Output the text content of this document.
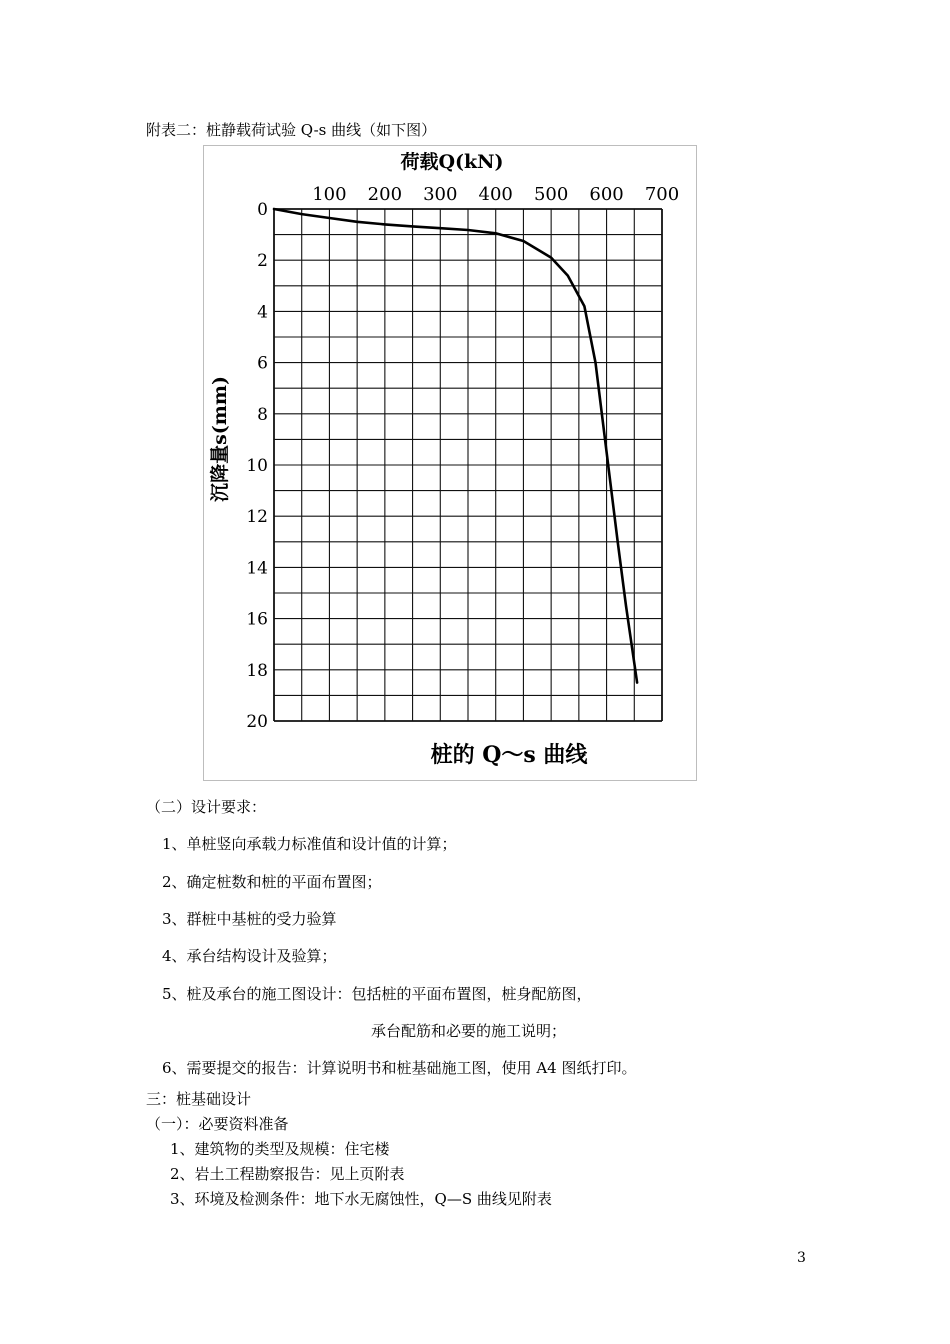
附表二：桩静载荷试验 Q-s 曲线（如下图）
100 200 300 400 500 600 700
0
2
4
6
8
10
12
14
16
18
20
荷载Q(kN)
沉降量s(mm)
桩的 Q～s 曲线
（二）设计要求：
1、单桩竖向承载力标准值和设计值的计算；
2、确定桩数和桩的平面布置图；
3、群桩中基桩的受力验算
4、承台结构设计及验算；
5、桩及承台的施工图设计：包括桩的平面布置图，桩身配筋图，
承台配筋和必要的施工说明；
6、需要提交的报告：计算说明书和桩基础施工图，使用 A4 图纸打印。
三：桩基础设计
（一）：必要资料准备
1、建筑物的类型及规模：住宅楼
2、岩土工程勘察报告：见上页附表
3、环境及检测条件：地下水无腐蚀性，Q—S 曲线见附表
3
